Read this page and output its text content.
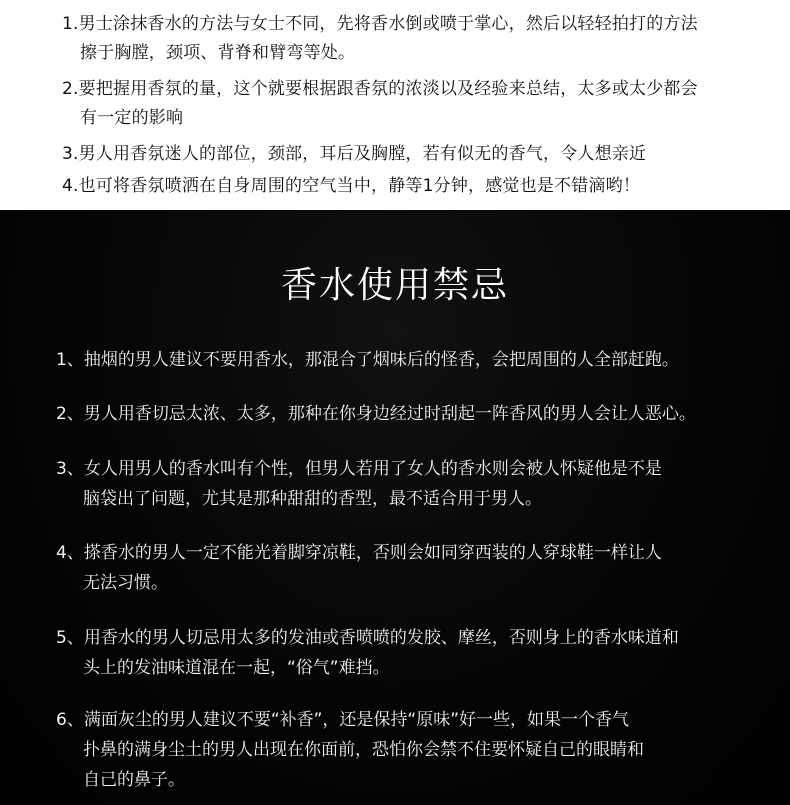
1.男士涂抹香水的方法与女士不同，先将香水倒或喷于掌心，然后以轻轻拍打的方法
擦于胸膛，颈项、背脊和臂弯等处。
2.要把握用香氛的量，这个就要根据跟香氛的浓淡以及经验来总结，太多或太少都会
有一定的影响
3.男人用香氛迷人的部位，颈部，耳后及胸膛，若有似无的香气，令人想亲近
4.也可将香氛喷洒在自身周围的空气当中，静等1分钟，感觉也是不错滴哟！
香水使用禁忌
1、抽烟的男人建议不要用香水，那混合了烟味后的怪香，会把周围的人全部赶跑。
2、男人用香切忌太浓、太多，那种在你身边经过时刮起一阵香风的男人会让人恶心。
3、女人用男人的香水叫有个性，但男人若用了女人的香水则会被人怀疑他是不是
脑袋出了问题，尤其是那种甜甜的香型，最不适合用于男人。
4、搽香水的男人一定不能光着脚穿凉鞋，否则会如同穿西装的人穿球鞋一样让人
无法习惯。
5、用香水的男人切忌用太多的发油或香喷喷的发胶、摩丝，否则身上的香水味道和
头上的发油味道混在一起，“俗气”难挡。
6、满面灰尘的男人建议不要“补香”，还是保持“原味”好一些，如果一个香气
扑鼻的满身尘土的男人出现在你面前，恐怕你会禁不住要怀疑自己的眼睛和
自己的鼻子。
